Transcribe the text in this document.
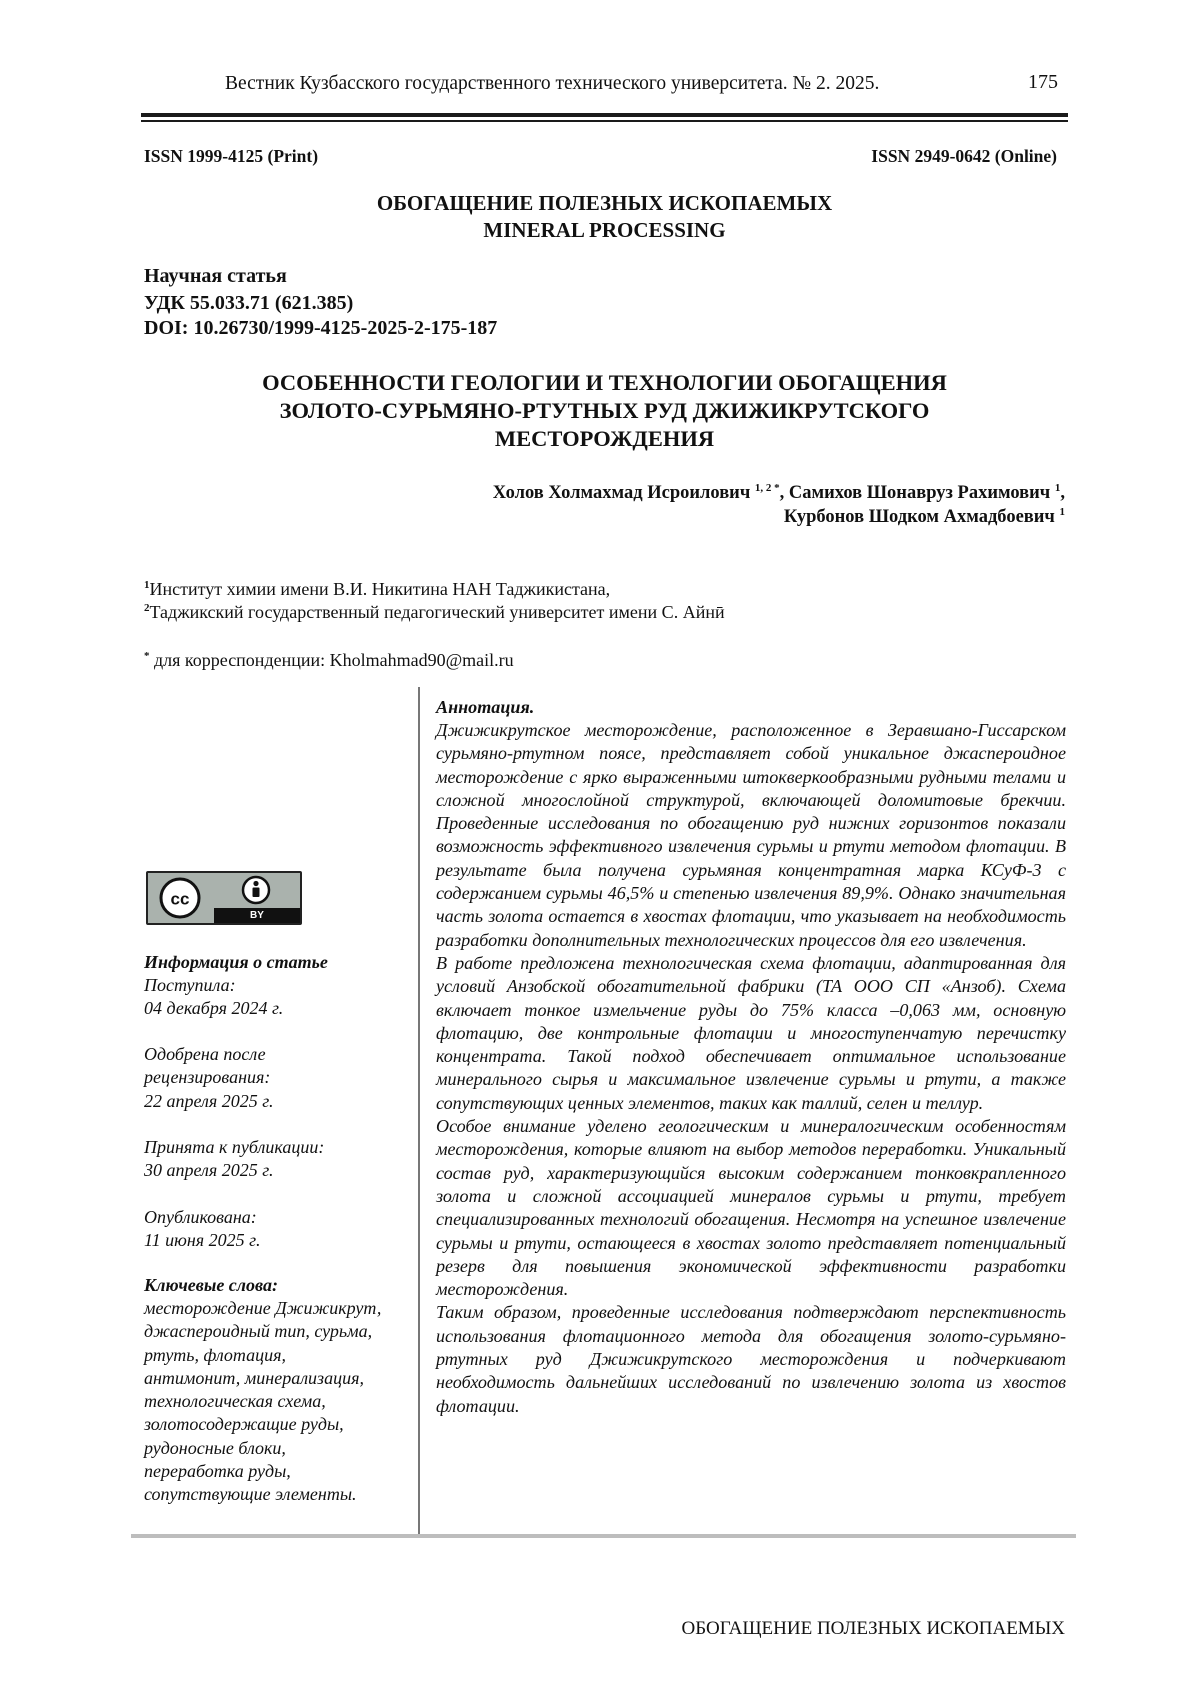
Вестник Кузбасского государственного технического университета. № 2. 2025.	175
ISSN 1999-4125 (Print)	ISSN 2949-0642 (Online)
ОБОГАЩЕНИЕ ПОЛЕЗНЫХ ИСКОПАЕМЫХ
MINERAL PROCESSING
Научная статья
УДК 55.033.71 (621.385)
DOI: 10.26730/1999-4125-2025-2-175-187
ОСОБЕННОСТИ ГЕОЛОГИИ И ТЕХНОЛОГИИ ОБОГАЩЕНИЯ
ЗОЛОТО-СУРЬМЯНО-РТУТНЫХ РУД ДЖИЖИКРУТСКОГО
МЕСТОРОЖДЕНИЯ
Холов Холмахмад Исроилович $^{1, 2 *}$, Самихов Шонавруз Рахимович $^1$,
Курбонов Шодком Ахмадбоевич $^1$
$^1$Институт химии имени В.И. Никитина НАН Таджикистана,
$^2$Таджикский государственный педагогический университет имени С. Айнӣ
* для корреспонденции: Kholmahmad90@mail.ru
cc
BY
Информация о статье
Поступила:
04 декабря 2024 г.
Одобрена после
рецензирования:
22 апреля 2025 г.
Принята к публикации:
30 апреля 2025 г.
Опубликована:
11 июня 2025 г.
Ключевые слова:
месторождение Джижикрут,
джаспероидный тип, сурьма,
ртуть, флотация,
антимонит, минерализация,
технологическая схема,
золотосодержащие руды,
рудоносные блоки,
переработка руды,
сопутствующие элементы.
Аннотация.

Джижикрутское месторождение, расположенное в Зеравшано-Гиссарском сурьмяно-ртутном поясе, представляет собой уникальное джаспероидное месторождение с ярко выраженными штокверкообразными рудными телами и сложной многослойной структурой, включающей доломитовые брекчии. Проведенные исследования по обогащению руд нижних горизонтов показали возможность эффективного извлечения сурьмы и ртути методом флотации. В результате была получена сурьмяная концентратная марка КСуФ-3 с содержанием сурьмы 46,5% и степенью извлечения 89,9%. Однако значительная часть золота остается в хвостах флотации, что указывает на необходимость разработки дополнительных технологических процессов для его извлечения.

В работе предложена технологическая схема флотации, адаптированная для условий Анзобской обогатительной фабрики (ТА ООО СП «Анзоб). Схема включает тонкое измельчение руды до 75% класса –0,063 мм, основную флотацию, две контрольные флотации и многоступенчатую перечистку концентрата. Такой подход обеспечивает оптимальное использование минерального сырья и максимальное извлечение сурьмы и ртути, а также сопутствующих ценных элементов, таких как таллий, селен и теллур.

Особое внимание уделено геологическим и минералогическим особенностям месторождения, которые влияют на выбор методов переработки. Уникальный состав руд, характеризующийся высоким содержанием тонковкрапленного золота и сложной ассоциацией минералов сурьмы и ртути, требует специализированных технологий обогащения. Несмотря на успешное извлечение сурьмы и ртути, остающееся в хвостах золото представляет потенциальный резерв для повышения экономической эффективности разработки месторождения.

Таким образом, проведенные исследования подтверждают перспективность использования флотационного метода для обогащения золото-сурьмяно-ртутных руд Джижикрутского месторождения и подчеркивают необходимость дальнейших исследований по извлечению золота из хвостов флотации.

ОБОГАЩЕНИЕ ПОЛЕЗНЫХ ИСКОПАЕМЫХ
